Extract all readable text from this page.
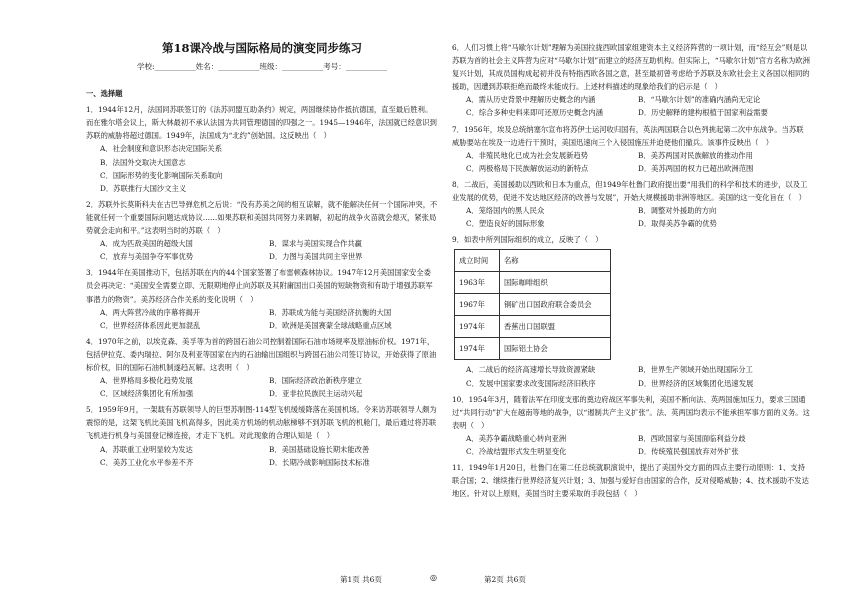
第18课冷战与国际格局的演变同步练习
学校:___________姓名：___________班级：___________考号：___________
一、选择题
1．1944年12月，法国同苏联签订的《法苏同盟互助条约》规定，两国继续协作抵抗德国，直至最后胜利。而在雅尔塔会议上，斯大林最初不承认法国为共同管理德国的四强之一。1945—1946年，法国就已经意识到苏联的威胁将超过德国。1949年，法国成为“北约”创始国。这反映出（　）
A．社会制度和意识形态决定国际关系
B．法国外交取决大国意志
C．国际形势的变化影响国际关系取向
D．苏联推行大国沙文主义
2．苏联外长莫斯科夫在古巴导弹危机之后说：“没有苏美之间的相互谅解，就不能解决任何一个国际冲突，不能就任何一个重要国际问题达成协议……如果苏联和美国共同努力来调解，初起的战争火苗就会熄灭，紧张局势就会走向和平。”这表明当时的苏联（　）
A．成为匹敌美国的超级大国	B．谋求与美国实现合作共赢
C．放弃与美国争夺军事优势	D．力图与美国共同主宰世界
3．1944年在美国推动下，包括苏联在内的44个国家签署了布雷顿森林协议。1947年12月美国国家安全委员会再决定：“美国安全需要立即、无限期地停止向苏联及其附庸国出口美国的短缺物资和有助于增强苏联军事潜力的物资”。美苏经济合作关系的变化说明（　）
A．两大阵营冷战的序幕将揭开	B．苏联成为能与美国经济抗衡的大国
C．世界经济体系因此更加混乱	D．欧洲是美国赛蒙全球战略重点区域
4．1970年之前，以埃克森、美孚等为首的跨国石油公司控制着国际石油市场规率及原油标价权。1971年，包括伊拉克、委内瑞拉、阿尔及利亚等国家在内的石油输出国组织与跨国石油公司签订协议，开始获得了原油标价权，旧的国际石油机制遂趋瓦解。这表明（　）
A．世界格局多极化趋势发展	B．国际经济政治新秩序建立
C．区域经济集团化有所加强	D．亚非拉民族民主运动兴起
5．1959年9月，一架载有苏联领导人的巨型苏制图-114型飞机缓缓降落在美国机场。令来访苏联领导人颇为震惊的是，这架飞机比美国飞机高得多，因此美方机场的机动舷梯够不到苏联飞机的机舱门，最后通过将苏联飞机进行机身与美国登记梯连接，才走下飞机。对此现象的合理认知是（　）
A．苏联重工业明显较为发达	B．美国基础设施长期未能改善
C．美苏工业化水平参差不齐	D．长期冷战影响国际技术标准
6．人们习惯上将“马歇尔计划”理解为美国拉拢西欧国家组建资本主义经济阵营的一项计划，而“经互会”则是以苏联为首的社会主义阵营为应对“马歇尔计划”而建立的经济互助机构。但实际上，“马歇尔计划”官方名称为欧洲复兴计划，其成员国构成起初并没有特指西欧各国之意，甚至最初曾考虑给予苏联及东欧社会主义各国以相同的援助，因遭到苏联拒绝而最终未能成行。上述材料描述的现象给我们的启示是（　）
A．需从历史背景中理解历史概念的内涵	B．“马歇尔计划”的准确内涵尚无定论
C．综合多种史料来即可还原历史概念内涵	D．历史解释的建构根植于国家利益需要
7．1956年，埃及总统纳塞尔宣布将苏伊士运河收归国有，英法两国联合以色列挑起第二次中东战争。当苏联威胁要站在埃及一边进行干预时，美国迅速向三个入侵国施压并迫使他们撤兵。该事件反映出（　）
A．非殖民地化已成为社会发展新趋势	B．美苏两国对民族解放的推动作用
C．两极格局下民族解放运动的新特点	D．美苏两国的权力已超出欧洲范围
8．二战后，美国援助以西欧和日本为重点，但1949年杜鲁门政府提出要“用我们的科学和技术的进步，以及工业发展的优势，促进不发达地区经济的改善与发展”，开始大规模援助非洲等地区。美国的这一变化旨在（　）
A．笼络国内的黑人民众	B．调整对外援助的方向
C．塑造良好的国际形象	D．取得美苏争霸的优势
9．如表中所列国际组织的成立，反映了（　）
成立时间	名称
1963年	国际咖啡组织
1967年	铜矿出口国政府联合委员会
1974年	香蕉出口国联盟
1974年	国际铝土协会
A．二战后的经济高速增长导致资源紧缺	B．世界生产领域开始出现国际分工
C．发展中国家要求改变国际经济旧秩序	D．世界经济的区域集团化迅速发展
10．1954年3月，随着法军在印度支那的奠边府战区军事失利，美国不断向法、英两国施加压力，要求三国通过“共同行动”扩大在越南等地的战争，以“遏制共产主义扩张”。法、英两国均表示不能承担军事方面的义务。这表明（　）
A．美苏争霸战略重心转向亚洲	B．西欧国家与美国面临利益分歧
C．冷战结盟形式发生明显变化	D．传统殖民强国放弃对外扩张
11．1949年1月20日，杜鲁门在第二任总统就职演说中，提出了美国外交方面的四点主要行动原则：1、支持联合国；2、继续推行世界经济复兴计划；3、加强与爱好自由国家的合作，反对侵略威胁；4、技术援助不发达地区。针对以上原则，美国当时主要采取的手段包括（　）
第1页 共6页	◎	第2页 共6页
